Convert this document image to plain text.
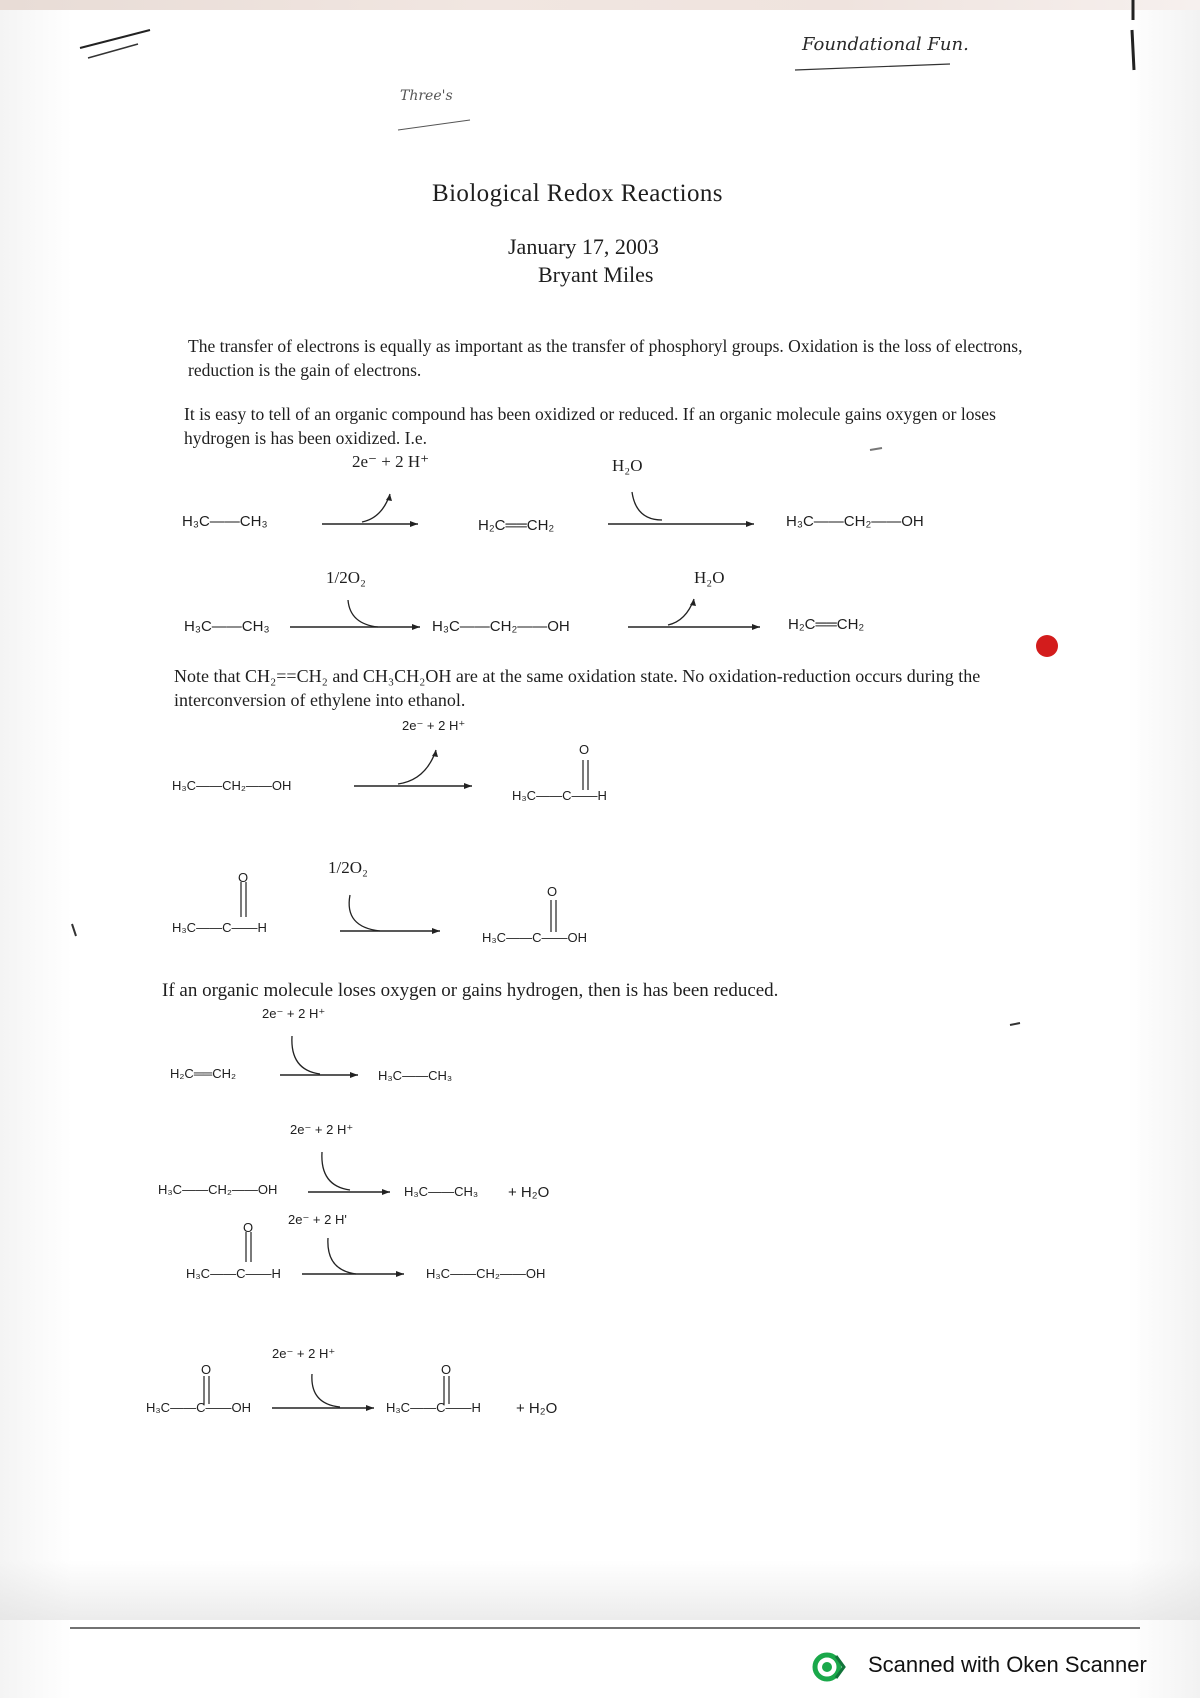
Foundational Fun.
Three's
Biological Redox Reactions
January 17, 2003
Bryant Miles
The transfer of electrons is equally as important as the transfer of phosphoryl groups. Oxidation is the loss of electrons, reduction is the gain of electrons.
It is easy to tell of an organic compound has been oxidized or reduced. If an organic molecule gains oxygen or loses hydrogen is has been oxidized. I.e.
2e⁻ + 2 H⁺	H₂O
H₃C——CH₃	H₂C══CH₂	H₃C——CH₂——OH
1/2O₂	H₂O
H₃C——CH₃	H₃C——CH₂——OH	H₂C══CH₂
Note that CH₂==CH₂ and CH₃CH₂OH are at the same oxidation state. No oxidation-reduction occurs during the interconversion of ethylene into ethanol.
2e⁻ + 2 H⁺
H₃C——CH₂——OH
O
H₃C——C——H
1/2O₂
O
H₃C——C——H
O
H₃C——C——OH
If an organic molecule loses oxygen or gains hydrogen, then is has been reduced.
2e⁻ + 2 H⁺
H₂C══CH₂	H₃C——CH₃
2e⁻ + 2 H⁺
H₃C——CH₂——OH	H₃C——CH₃ + H₂O
2e⁻ + 2 H'
O
H₃C——C——H	H₃C——CH₂——OH
2e⁻ + 2 H⁺
O
H₃C——C——OH
O
H₃C——C——H + H₂O
Scanned with Oken Scanner
